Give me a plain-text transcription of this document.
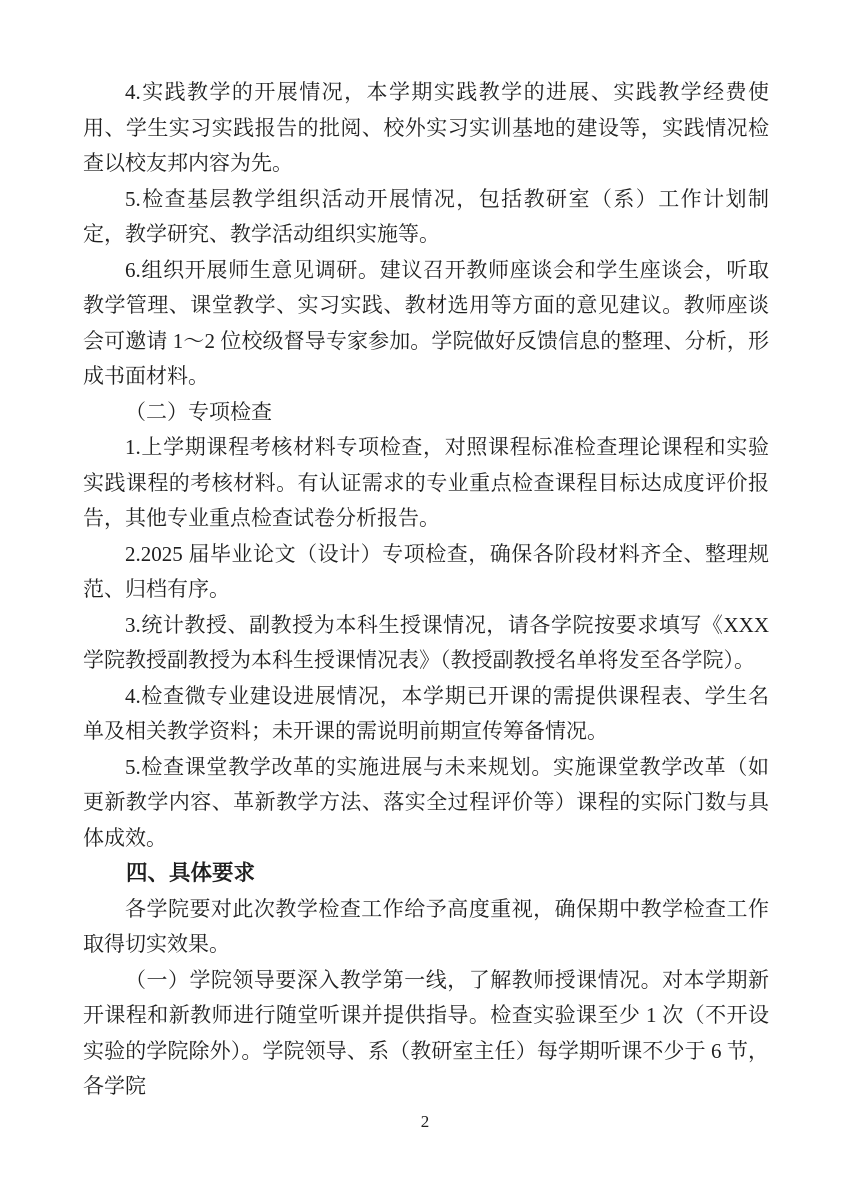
4.实践教学的开展情况，本学期实践教学的进展、实践教学经费使用、学生实习实践报告的批阅、校外实习实训基地的建设等，实践情况检查以校友邦内容为先。

5.检查基层教学组织活动开展情况，包括教研室（系）工作计划制定，教学研究、教学活动组织实施等。

6.组织开展师生意见调研。建议召开教师座谈会和学生座谈会，听取教学管理、课堂教学、实习实践、教材选用等方面的意见建议。教师座谈会可邀请 1～2 位校级督导专家参加。学院做好反馈信息的整理、分析，形成书面材料。

（二）专项检查

1.上学期课程考核材料专项检查，对照课程标准检查理论课程和实验实践课程的考核材料。有认证需求的专业重点检查课程目标达成度评价报告，其他专业重点检查试卷分析报告。

2.2025 届毕业论文（设计）专项检查，确保各阶段材料齐全、整理规范、归档有序。

3.统计教授、副教授为本科生授课情况，请各学院按要求填写《XXX 学院教授副教授为本科生授课情况表》（教授副教授名单将发至各学院）。

4.检查微专业建设进展情况，本学期已开课的需提供课程表、学生名单及相关教学资料；未开课的需说明前期宣传筹备情况。

5.检查课堂教学改革的实施进展与未来规划。实施课堂教学改革（如更新教学内容、革新教学方法、落实全过程评价等）课程的实际门数与具体成效。

四、具体要求

各学院要对此次教学检查工作给予高度重视，确保期中教学检查工作取得切实效果。

（一）学院领导要深入教学第一线，了解教师授课情况。对本学期新开课程和新教师进行随堂听课并提供指导。检查实验课至少 1 次（不开设实验的学院除外）。学院领导、系（教研室主任）每学期听课不少于 6 节，各学院

2
